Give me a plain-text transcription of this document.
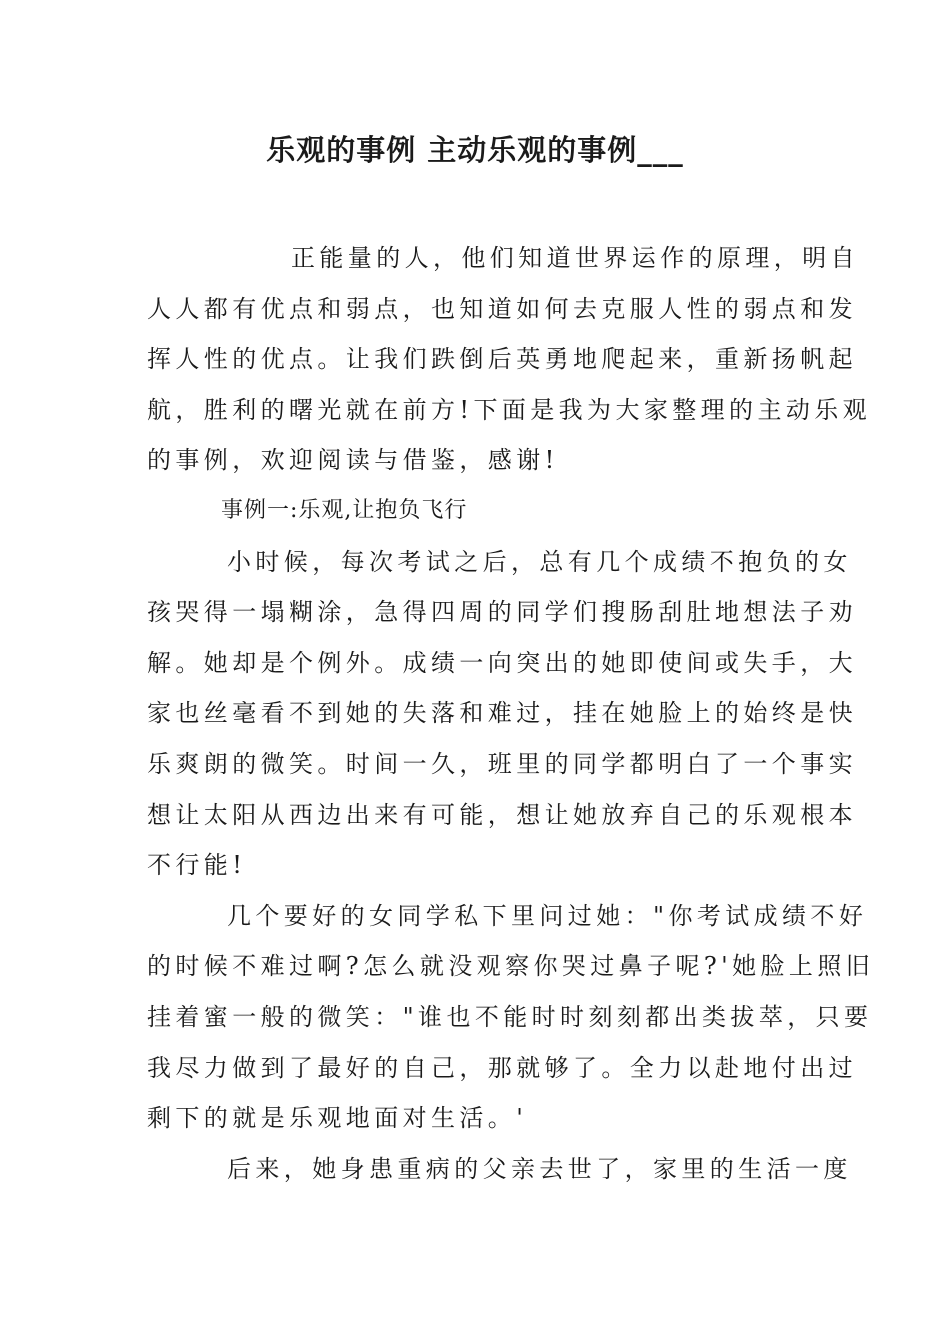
乐观的事例 主动乐观的事例___
正能量的人，他们知道世界运作的原理，明自
人人都有优点和弱点，也知道如何去克服人性的弱点和发
挥人性的优点。让我们跌倒后英勇地爬起来，重新扬帆起
航，胜利的曙光就在前方!下面是我为大家整理的主动乐观
的事例，欢迎阅读与借鉴，感谢!
事例一:乐观,让抱负飞行
小时候，每次考试之后，总有几个成绩不抱负的女
孩哭得一塌糊涂，急得四周的同学们搜肠刮肚地想法子劝
解。她却是个例外。成绩一向突出的她即使间或失手，大
家也丝毫看不到她的失落和难过，挂在她脸上的始终是快
乐爽朗的微笑。时间一久，班里的同学都明白了一个事实
想让太阳从西边出来有可能，想让她放弃自己的乐观根本
不行能!
几个要好的女同学私下里问过她："你考试成绩不好
的时候不难过啊?怎么就没观察你哭过鼻子呢?'她脸上照旧
挂着蜜一般的微笑："谁也不能时时刻刻都出类拔萃，只要
我尽力做到了最好的自己，那就够了。全力以赴地付出过
剩下的就是乐观地面对生活。'
后来，她身患重病的父亲去世了，家里的生活一度
